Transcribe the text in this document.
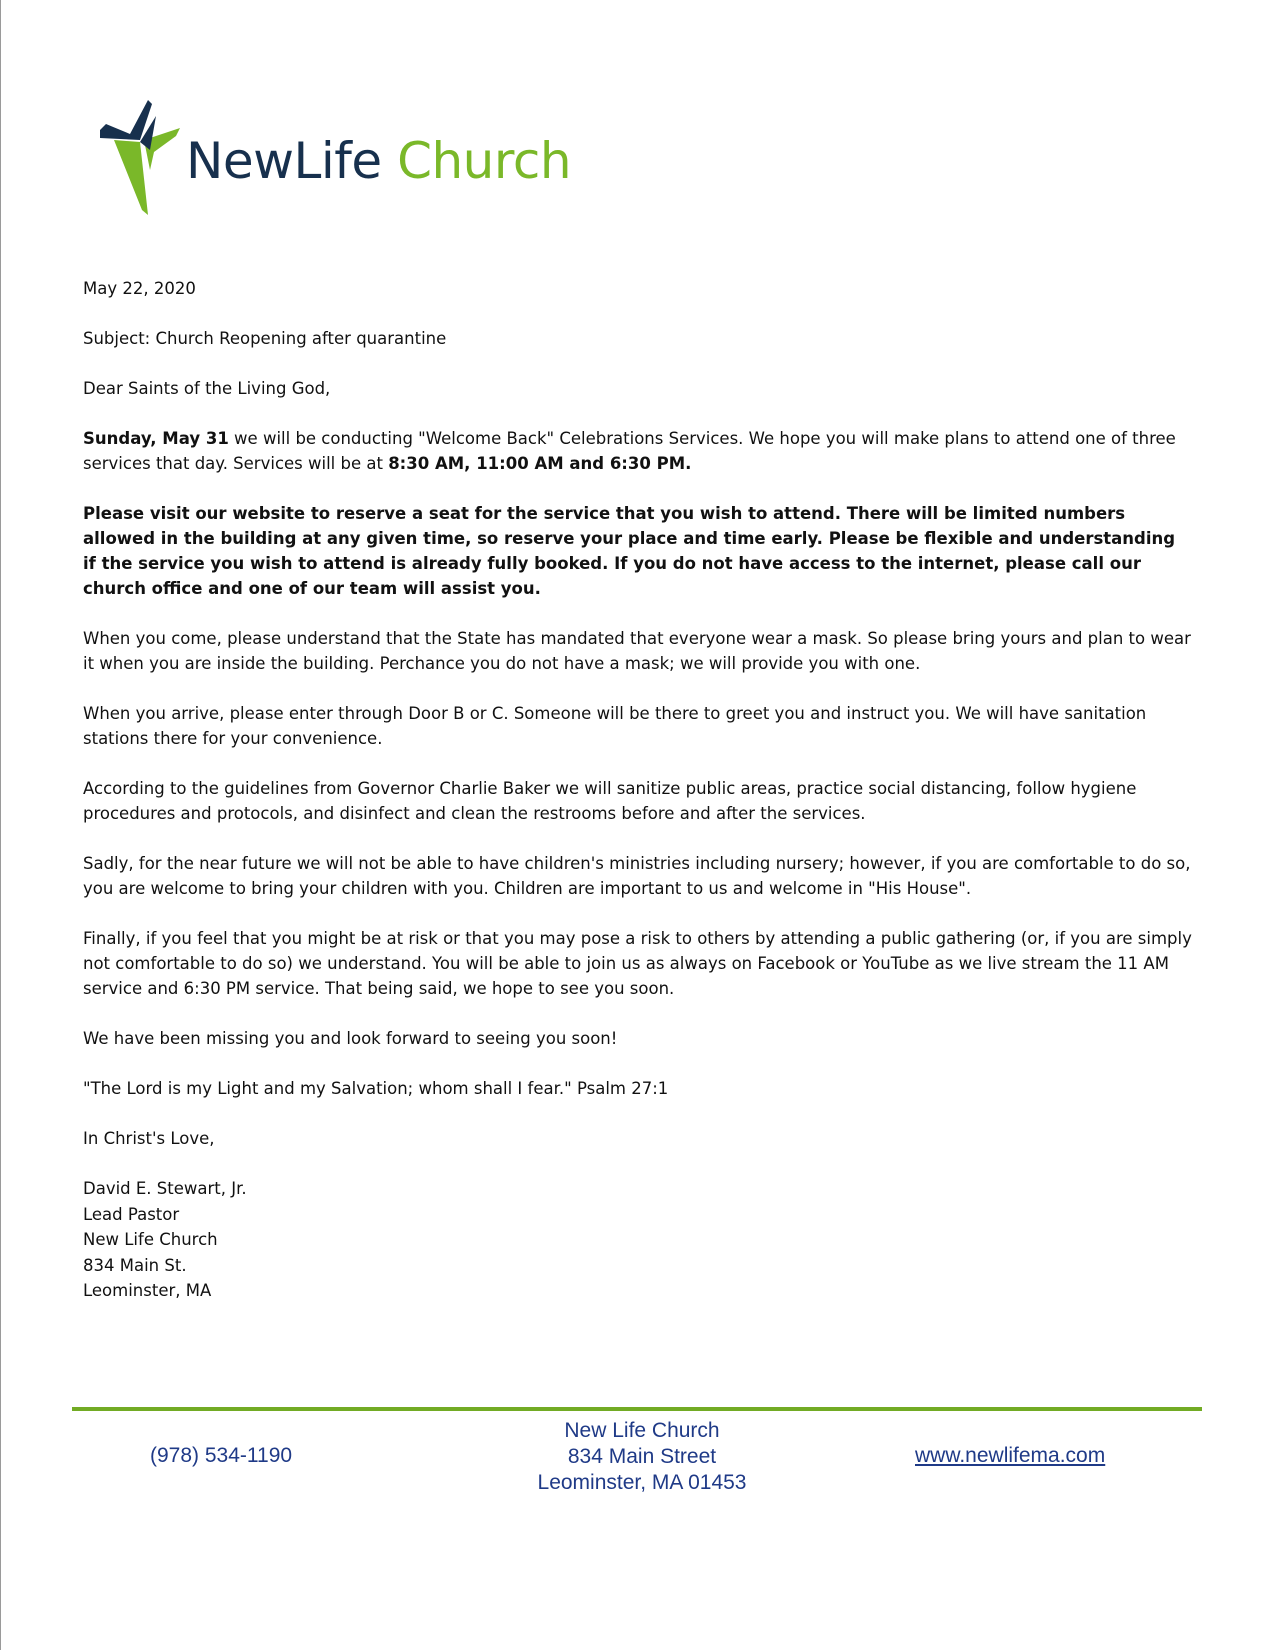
NewLife Church

May 22, 2020

Subject: Church Reopening after quarantine

Dear Saints of the Living God,

Sunday, May 31 we will be conducting "Welcome Back" Celebrations Services. We hope you will make plans to attend one of three services that day. Services will be at 8:30 AM, 11:00 AM and 6:30 PM.

Please visit our website to reserve a seat for the service that you wish to attend. There will be limited numbers allowed in the building at any given time, so reserve your place and time early. Please be flexible and understanding if the service you wish to attend is already fully booked. If you do not have access to the internet, please call our church office and one of our team will assist you.

When you come, please understand that the State has mandated that everyone wear a mask. So please bring yours and plan to wear it when you are inside the building. Perchance you do not have a mask; we will provide you with one.

When you arrive, please enter through Door B or C. Someone will be there to greet you and instruct you. We will have sanitation stations there for your convenience.

According to the guidelines from Governor Charlie Baker we will sanitize public areas, practice social distancing, follow hygiene procedures and protocols, and disinfect and clean the restrooms before and after the services.

Sadly, for the near future we will not be able to have children's ministries including nursery; however, if you are comfortable to do so, you are welcome to bring your children with you. Children are important to us and welcome in "His House".

Finally, if you feel that you might be at risk or that you may pose a risk to others by attending a public gathering (or, if you are simply not comfortable to do so) we understand. You will be able to join us as always on Facebook or YouTube as we live stream the 11 AM service and 6:30 PM service. That being said, we hope to see you soon.

We have been missing you and look forward to seeing you soon!

"The Lord is my Light and my Salvation; whom shall I fear." Psalm 27:1

In Christ's Love,

David E. Stewart, Jr.
Lead Pastor
New Life Church
834 Main St.
Leominster, MA
(978) 534-1190
New Life Church
834 Main Street
Leominster, MA 01453
www.newlifema.com
